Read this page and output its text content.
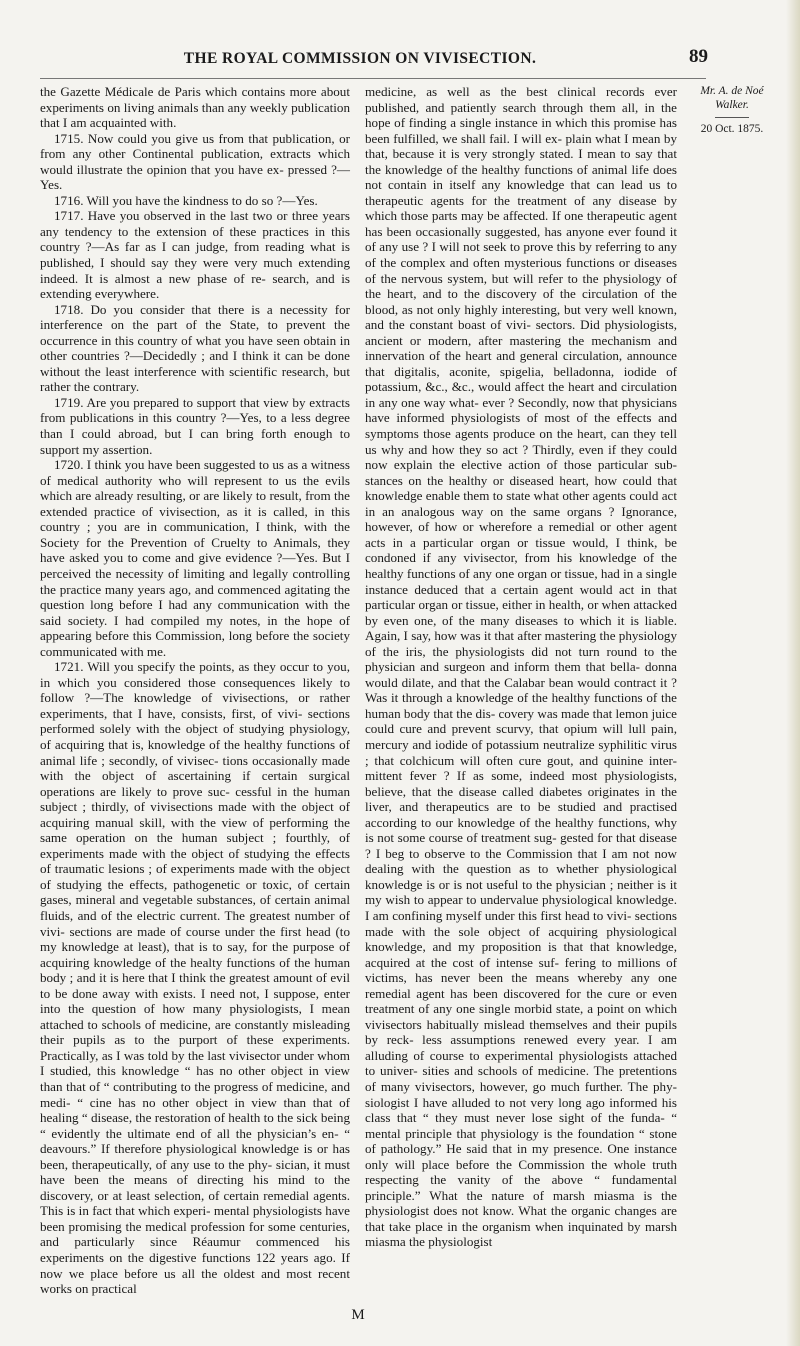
THE ROYAL COMMISSION ON VIVISECTION.	89

the Gazette Médicale de Paris which contains more about experiments on living animals than any weekly publication that I am acquainted with.

1715. Now could you give us from that publication, or from any other Continental publication, extracts which would illustrate the opinion that you have ex- pressed ?—Yes.

1716. Will you have the kindness to do so ?—Yes.

1717. Have you observed in the last two or three years any tendency to the extension of these practices in this country ?—As far as I can judge, from reading what is published, I should say they were very much extending indeed. It is almost a new phase of re- search, and is extending everywhere.

1718. Do you consider that there is a necessity for interference on the part of the State, to prevent the occurrence in this country of what you have seen obtain in other countries ?—Decidedly ; and I think it can be done without the least interference with scientific research, but rather the contrary.

1719. Are you prepared to support that view by extracts from publications in this country ?—Yes, to a less degree than I could abroad, but I can bring forth enough to support my assertion.

1720. I think you have been suggested to us as a witness of medical authority who will represent to us the evils which are already resulting, or are likely to result, from the extended practice of vivisection, as it is called, in this country ; you are in communication, I think, with the Society for the Prevention of Cruelty to Animals, they have asked you to come and give evidence ?—Yes. But I perceived the necessity of limiting and legally controlling the practice many years ago, and commenced agitating the question long before I had any communication with the said society. I had compiled my notes, in the hope of appearing before this Commission, long before the society communicated with me.

1721. Will you specify the points, as they occur to you, in which you considered those consequences likely to follow ?—The knowledge of vivisections, or rather experiments, that I have, consists, first, of vivi- sections performed solely with the object of studying physiology, of acquiring that is, knowledge of the healthy functions of animal life ; secondly, of vivisec- tions occasionally made with the object of ascertaining if certain surgical operations are likely to prove suc- cessful in the human subject ; thirdly, of vivisections made with the object of acquiring manual skill, with the view of performing the same operation on the human subject ; fourthly, of experiments made with the object of studying the effects of traumatic lesions ; of experiments made with the object of studying the effects, pathogenetic or toxic, of certain gases, mineral and vegetable substances, of certain animal fluids, and of the electric current. The greatest number of vivi- sections are made of course under the first head (to my knowledge at least), that is to say, for the purpose of acquiring knowledge of the healty functions of the human body ; and it is here that I think the greatest amount of evil to be done away with exists. I need not, I suppose, enter into the question of how many physiologists, I mean attached to schools of medicine, are constantly misleading their pupils as to the purport of these experiments. Practically, as I was told by the last vivisector under whom I studied, this knowledge “ has no other object in view than that of “ contributing to the progress of medicine, and medi- “ cine has no other object in view than that of healing “ disease, the restoration of health to the sick being “ evidently the ultimate end of all the physician’s en- “ deavours.” If therefore physiological knowledge is or has been, therapeutically, of any use to the phy- sician, it must have been the means of directing his mind to the discovery, or at least selection, of certain remedial agents. This is in fact that which experi- mental physiologists have been promising the medical profession for some centuries, and particularly since Réaumur commenced his experiments on the digestive functions 122 years ago. If now we place before us all the oldest and most recent works on practical

medicine, as well as the best clinical records ever published, and patiently search through them all, in the hope of finding a single instance in which this promise has been fulfilled, we shall fail. I will ex- plain what I mean by that, because it is very strongly stated. I mean to say that the knowledge of the healthy functions of animal life does not contain in itself any knowledge that can lead us to therapeutic agents for the treatment of any disease by which those parts may be affected. If one therapeutic agent has been occasionally suggested, has anyone ever found it of any use ? I will not seek to prove this by referring to any of the complex and often mysterious functions or diseases of the nervous system, but will refer to the physiology of the heart, and to the discovery of the circulation of the blood, as not only highly interesting, but very well known, and the constant boast of vivi- sectors. Did physiologists, ancient or modern, after mastering the mechanism and innervation of the heart and general circulation, announce that digitalis, aconite, spigelia, belladonna, iodide of potassium, &c., &c., would affect the heart and circulation in any one way what- ever ? Secondly, now that physicians have informed physiologists of most of the effects and symptoms those agents produce on the heart, can they tell us why and how they so act ? Thirdly, even if they could now explain the elective action of those particular sub- stances on the healthy or diseased heart, how could that knowledge enable them to state what other agents could act in an analogous way on the same organs ? Ignorance, however, of how or wherefore a remedial or other agent acts in a particular organ or tissue would, I think, be condoned if any vivisector, from his knowledge of the healthy functions of any one organ or tissue, had in a single instance deduced that a certain agent would act in that particular organ or tissue, either in health, or when attacked by even one, of the many diseases to which it is liable. Again, I say, how was it that after mastering the physiology of the iris, the physiologists did not turn round to the physician and surgeon and inform them that bella- donna would dilate, and that the Calabar bean would contract it ? Was it through a knowledge of the healthy functions of the human body that the dis- covery was made that lemon juice could cure and prevent scurvy, that opium will lull pain, mercury and iodide of potassium neutralize syphilitic virus ; that colchicum will often cure gout, and quinine inter- mittent fever ? If as some, indeed most physiologists, believe, that the disease called diabetes originates in the liver, and therapeutics are to be studied and practised according to our knowledge of the healthy functions, why is not some course of treatment sug- gested for that disease ? I beg to observe to the Commission that I am not now dealing with the question as to whether physiological knowledge is or is not useful to the physician ; neither is it my wish to appear to undervalue physiological knowledge. I am confining myself under this first head to vivi- sections made with the sole object of acquiring physiological knowledge, and my proposition is that that knowledge, acquired at the cost of intense suf- fering to millions of victims, has never been the means whereby any one remedial agent has been discovered for the cure or even treatment of any one single morbid state, a point on which vivisectors habitually mislead themselves and their pupils by reck- less assumptions renewed every year. I am alluding of course to experimental physiologists attached to univer- sities and schools of medicine. The pretentions of many vivisectors, however, go much further. The phy- siologist I have alluded to not very long ago informed his class that “ they must never lose sight of the funda- “ mental principle that physiology is the foundation “ stone of pathology.” He said that in my presence. One instance only will place before the Commission the whole truth respecting the vanity of the above “ fundamental principle.” What the nature of marsh miasma is the physiologist does not know. What the organic changes are that take place in the organism when inquinated by marsh miasma the physiologist

Mr. A. de Noé Walker.
20 Oct. 1875.
M
